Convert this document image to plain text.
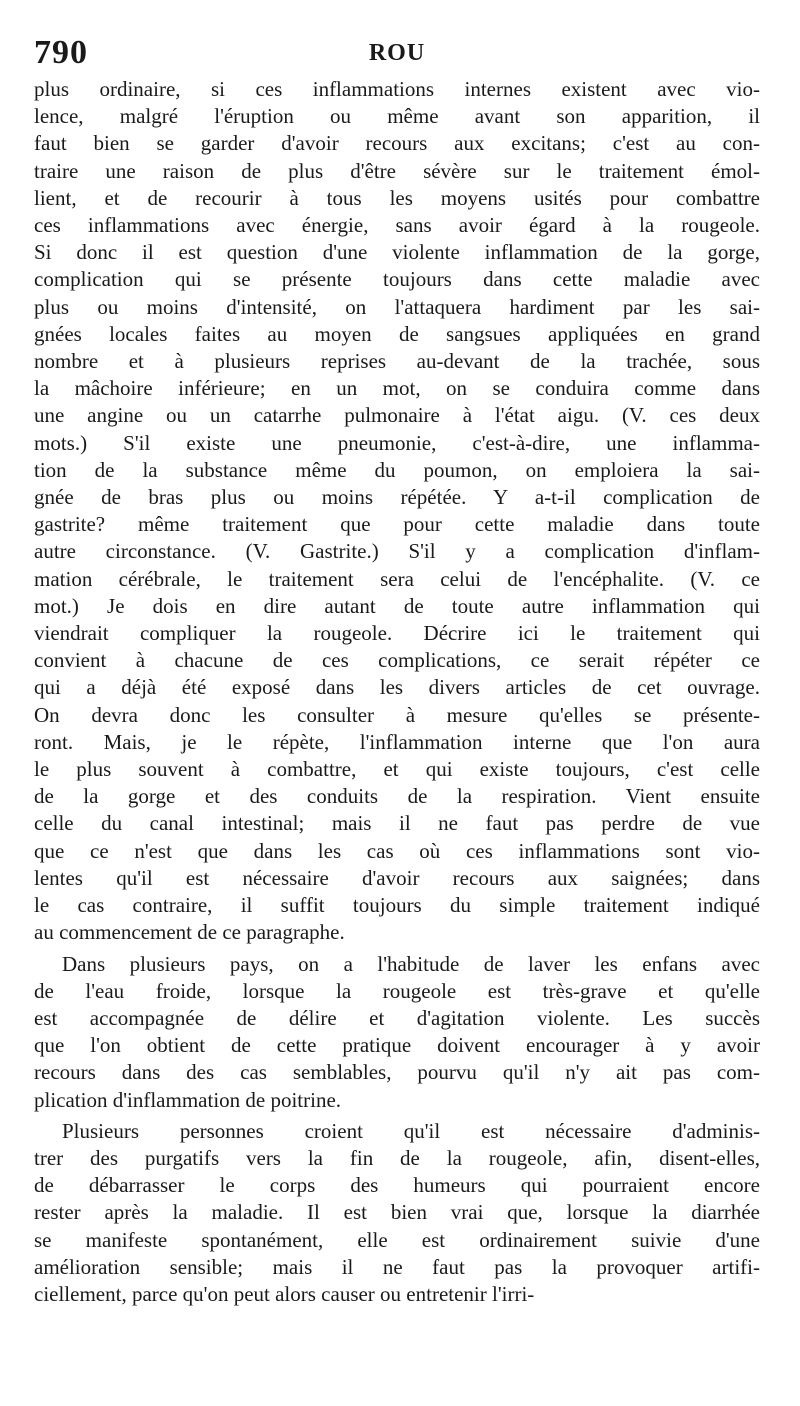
790	ROU

plus ordinaire, si ces inflammations internes existent avec vio-
lence, malgré l'éruption ou même avant son apparition, il
faut bien se garder d'avoir recours aux excitans; c'est au con-
traire une raison de plus d'être sévère sur le traitement émol-
lient, et de recourir à tous les moyens usités pour combattre
ces inflammations avec énergie, sans avoir égard à la rougeole.
Si donc il est question d'une violente inflammation de la gorge,
complication qui se présente toujours dans cette maladie avec
plus ou moins d'intensité, on l'attaquera hardiment par les sai-
gnées locales faites au moyen de sangsues appliquées en grand
nombre et à plusieurs reprises au-devant de la trachée, sous
la mâchoire inférieure; en un mot, on se conduira comme dans
une angine ou un catarrhe pulmonaire à l'état aigu. (V. ces deux
mots.) S'il existe une pneumonie, c'est-à-dire, une inflamma-
tion de la substance même du poumon, on emploiera la sai-
gnée de bras plus ou moins répétée. Y a-t-il complication de
gastrite? même traitement que pour cette maladie dans toute
autre circonstance. (V. Gastrite.) S'il y a complication d'inflam-
mation cérébrale, le traitement sera celui de l'encéphalite. (V. ce
mot.) Je dois en dire autant de toute autre inflammation qui
viendrait compliquer la rougeole. Décrire ici le traitement qui
convient à chacune de ces complications, ce serait répéter ce
qui a déjà été exposé dans les divers articles de cet ouvrage.
On devra donc les consulter à mesure qu'elles se présente-
ront. Mais, je le répète, l'inflammation interne que l'on aura
le plus souvent à combattre, et qui existe toujours, c'est celle
de la gorge et des conduits de la respiration. Vient ensuite
celle du canal intestinal; mais il ne faut pas perdre de vue
que ce n'est que dans les cas où ces inflammations sont vio-
lentes qu'il est nécessaire d'avoir recours aux saignées; dans
le cas contraire, il suffit toujours du simple traitement indiqué
au commencement de ce paragraphe.

Dans plusieurs pays, on a l'habitude de laver les enfans avec
de l'eau froide, lorsque la rougeole est très-grave et qu'elle
est accompagnée de délire et d'agitation violente. Les succès
que l'on obtient de cette pratique doivent encourager à y avoir
recours dans des cas semblables, pourvu qu'il n'y ait pas com-
plication d'inflammation de poitrine.

Plusieurs personnes croient qu'il est nécessaire d'adminis-
trer des purgatifs vers la fin de la rougeole, afin, disent-elles,
de débarrasser le corps des humeurs qui pourraient encore
rester après la maladie. Il est bien vrai que, lorsque la diarrhée
se manifeste spontanément, elle est ordinairement suivie d'une
amélioration sensible; mais il ne faut pas la provoquer artifi-
ciellement, parce qu'on peut alors causer ou entretenir l'irri-
